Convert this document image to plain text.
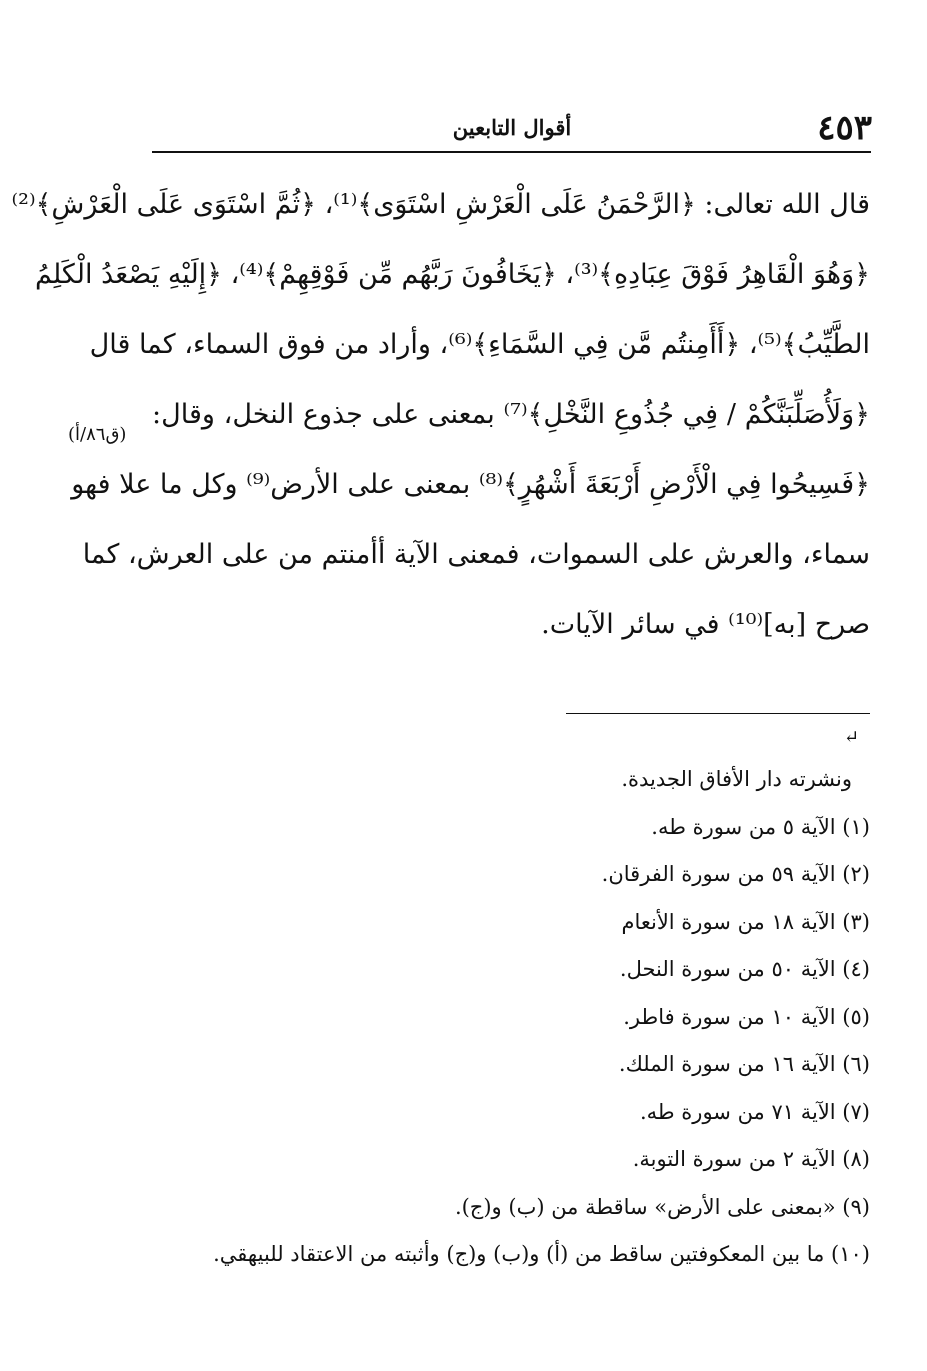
٤٥٣
أقوال التابعين
قال الله تعالى: ﴿الرَّحْمَنُ عَلَى الْعَرْشِ اسْتَوَى﴾⁽¹⁾، ﴿ثُمَّ اسْتَوَى عَلَى الْعَرْشِ﴾⁽²⁾
﴿وَهُوَ الْقَاهِرُ فَوْقَ عِبَادِهِ﴾⁽³⁾، ﴿يَخَافُونَ رَبَّهُم مِّن فَوْقِهِمْ﴾⁽⁴⁾، ﴿إِلَيْهِ يَصْعَدُ الْكَلِمُ
الطَّيِّبُ﴾⁽⁵⁾، ﴿أَأَمِنتُم مَّن فِي السَّمَاءِ﴾⁽⁶⁾، وأراد من فوق السماء، كما قال
﴿وَلَأُصَلِّبَنَّكُمْ / فِي جُذُوعِ النَّخْلِ﴾⁽⁷⁾ بمعنى على جذوع النخل، وقال:
﴿فَسِيحُوا فِي الْأَرْضِ أَرْبَعَةَ أَشْهُرٍ﴾⁽⁸⁾ بمعنى على الأرض⁽⁹⁾ وكل ما علا فهو
سماء، والعرش على السموات، فمعنى الآية أأمنتم من على العرش، كما
صرح [به]⁽¹⁰⁾ في سائر الآيات.
(ق٨٦/أ)
↵
ونشرته دار الأفاق الجديدة.
(١) الآية ٥ من سورة طه.
(٢) الآية ٥٩ من سورة الفرقان.
(٣) الآية ١٨ من سورة الأنعام
(٤) الآية ٥٠ من سورة النحل.
(٥) الآية ١٠ من سورة فاطر.
(٦) الآية ١٦ من سورة الملك.
(٧) الآية ٧١ من سورة طه.
(٨) الآية ٢ من سورة التوبة.
(٩) «بمعنى على الأرض» ساقطة من (ب) و(ج).
(١٠) ما بين المعكوفتين ساقط من (أ) و(ب) و(ج) وأثبته من الاعتقاد للبيهقي.
